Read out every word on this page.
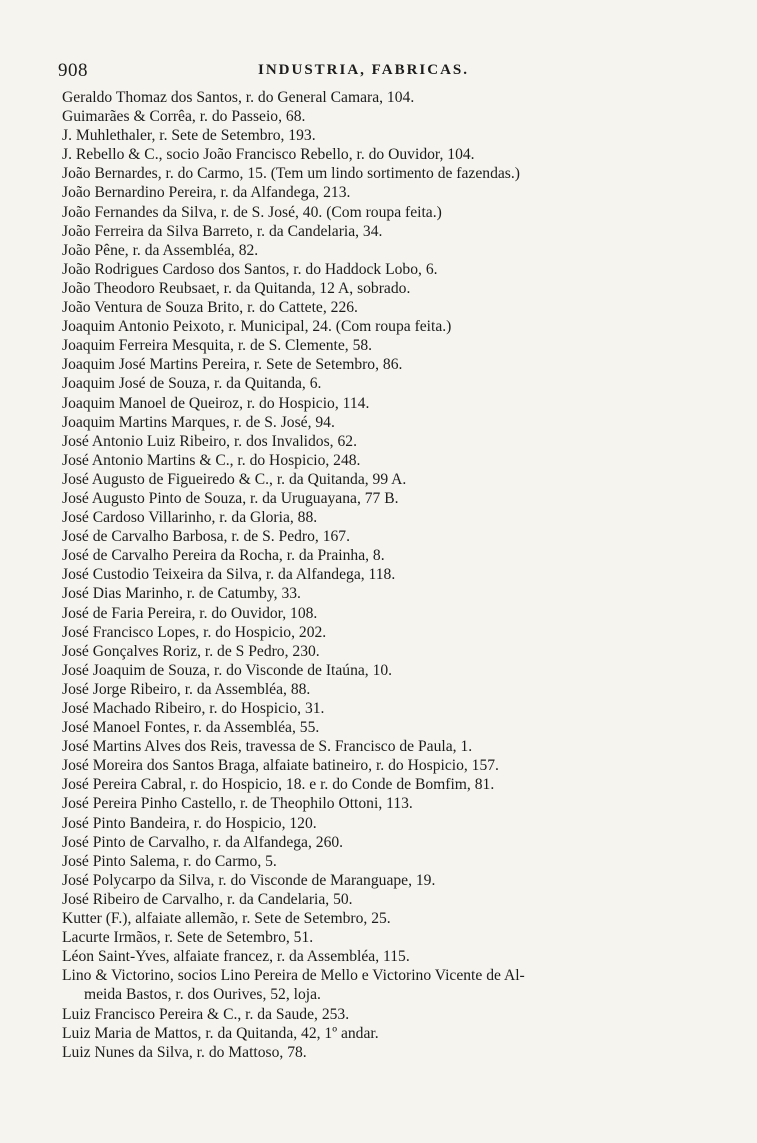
908	INDUSTRIA, FABRICAS.
Geraldo Thomaz dos Santos, r. do General Camara, 104.
Guimarães & Corrêa, r. do Passeio, 68.
J. Muhlethaler, r. Sete de Setembro, 193.
J. Rebello & C., socio João Francisco Rebello, r. do Ouvidor, 104.
João Bernardes, r. do Carmo, 15. (Tem um lindo sortimento de fazendas.)
João Bernardino Pereira, r. da Alfandega, 213.
João Fernandes da Silva, r. de S. José, 40. (Com roupa feita.)
João Ferreira da Silva Barreto, r. da Candelaria, 34.
João Pêne, r. da Assembléa, 82.
João Rodrigues Cardoso dos Santos, r. do Haddock Lobo, 6.
João Theodoro Reubsaet, r. da Quitanda, 12 A, sobrado.
João Ventura de Souza Brito, r. do Cattete, 226.
Joaquim Antonio Peixoto, r. Municipal, 24. (Com roupa feita.)
Joaquim Ferreira Mesquita, r. de S. Clemente, 58.
Joaquim José Martins Pereira, r. Sete de Setembro, 86.
Joaquim José de Souza, r. da Quitanda, 6.
Joaquim Manoel de Queiroz, r. do Hospicio, 114.
Joaquim Martins Marques, r. de S. José, 94.
José Antonio Luiz Ribeiro, r. dos Invalidos, 62.
José Antonio Martins & C., r. do Hospicio, 248.
José Augusto de Figueiredo & C., r. da Quitanda, 99 A.
José Augusto Pinto de Souza, r. da Uruguayana, 77 B.
José Cardoso Villarinho, r. da Gloria, 88.
José de Carvalho Barbosa, r. de S. Pedro, 167.
José de Carvalho Pereira da Rocha, r. da Prainha, 8.
José Custodio Teixeira da Silva, r. da Alfandega, 118.
José Dias Marinho, r. de Catumby, 33.
José de Faria Pereira, r. do Ouvidor, 108.
José Francisco Lopes, r. do Hospicio, 202.
José Gonçalves Roriz, r. de S Pedro, 230.
José Joaquim de Souza, r. do Visconde de Itaúna, 10.
José Jorge Ribeiro, r. da Assembléa, 88.
José Machado Ribeiro, r. do Hospicio, 31.
José Manoel Fontes, r. da Assembléa, 55.
José Martins Alves dos Reis, travessa de S. Francisco de Paula, 1.
José Moreira dos Santos Braga, alfaiate batineiro, r. do Hospicio, 157.
José Pereira Cabral, r. do Hospicio, 18. e r. do Conde de Bomfim, 81.
José Pereira Pinho Castello, r. de Theophilo Ottoni, 113.
José Pinto Bandeira, r. do Hospicio, 120.
José Pinto de Carvalho, r. da Alfandega, 260.
José Pinto Salema, r. do Carmo, 5.
José Polycarpo da Silva, r. do Visconde de Maranguape, 19.
José Ribeiro de Carvalho, r. da Candelaria, 50.
Kutter (F.), alfaiate allemão, r. Sete de Setembro, 25.
Lacurte Irmãos, r. Sete de Setembro, 51.
Léon Saint-Yves, alfaiate francez, r. da Assembléa, 115.
Lino & Victorino, socios Lino Pereira de Mello e Victorino Vicente de Al-
meida Bastos, r. dos Ourives, 52, loja.
Luiz Francisco Pereira & C., r. da Saude, 253.
Luiz Maria de Mattos, r. da Quitanda, 42, 1º andar.
Luiz Nunes da Silva, r. do Mattoso, 78.
